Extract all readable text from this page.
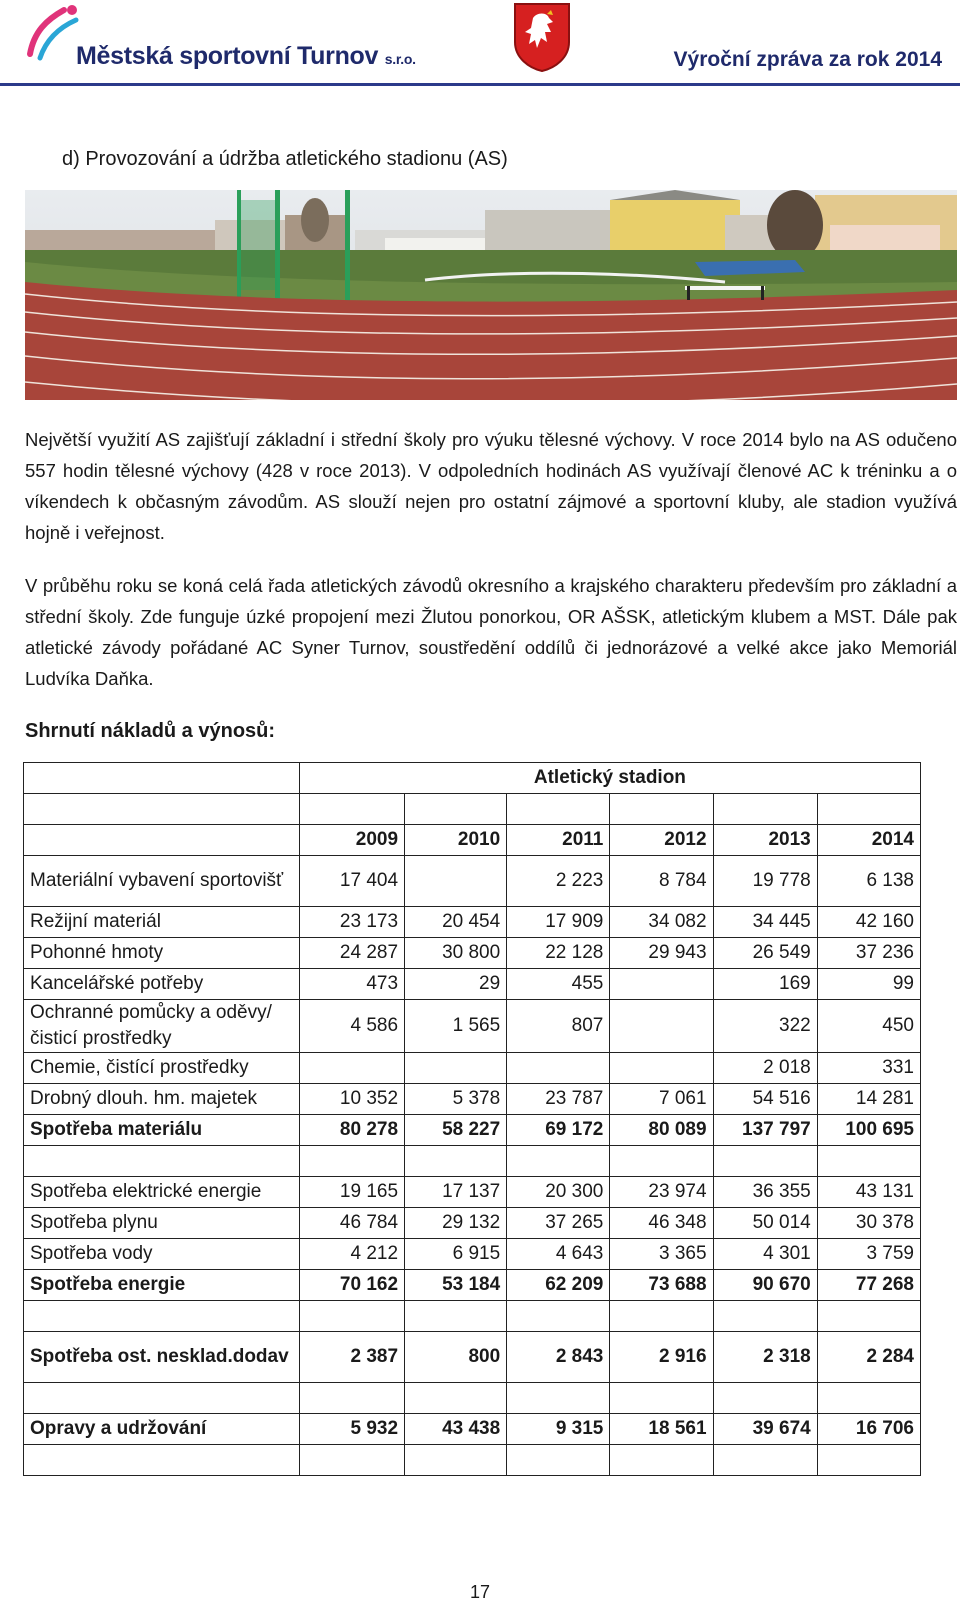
Městská sportovní Turnov s.r.o.	Výroční zpráva za rok 2014
d) Provozování a údržba atletického stadionu (AS)

Největší využití AS zajišťují základní i střední školy pro výuku tělesné výchovy. V roce 2014 bylo na AS odučeno 557 hodin tělesné výchovy (428 v roce 2013). V odpoledních hodinách AS využívají členové AC k tréninku a o víkendech k občasným závodům. AS slouží nejen pro ostatní zájmové a sportovní kluby, ale stadion využívá hojně i veřejnost.

V průběhu roku se koná celá řada atletických závodů okresního a krajského charakteru především pro základní a střední školy. Zde funguje úzké propojení mezi Žlutou ponorkou, OR AŠSK, atletickým klubem a MST. Dále pak atletické závody pořádané AC Syner Turnov, soustředění oddílů či jednorázové a velké akce jako Memoriál Ludvíka Daňka.

Shrnutí nákladů a výnosů:
	Atletický stadion					

	2009	2010	2011	2012	2013	2014
Materiální vybavení sportovišť	17 404		2 223	8 784	19 778	6 138
Režijní materiál	23 173	20 454	17 909	34 082	34 445	42 160
Pohonné hmoty	24 287	30 800	22 128	29 943	26 549	37 236
Kancelářské potřeby	473	29	455		169	99
Ochranné pomůcky a oděvy/ čisticí prostředky	4 586	1 565	807		322	450
Chemie, čistící prostředky					2 018	331
Drobný dlouh. hm. majetek	10 352	5 378	23 787	7 061	54 516	14 281
Spotřeba materiálu	80 278	58 227	69 172	80 089	137 797	100 695

Spotřeba elektrické energie	19 165	17 137	20 300	23 974	36 355	43 131
Spotřeba plynu	46 784	29 132	37 265	46 348	50 014	30 378
Spotřeba vody	4 212	6 915	4 643	3 365	4 301	3 759
Spotřeba energie	70 162	53 184	62 209	73 688	90 670	77 268

Spotřeba ost. nesklad.dodav	2 387	800	2 843	2 916	2 318	2 284

Opravy a udržování	5 932	43 438	9 315	18 561	39 674	16 706

17
